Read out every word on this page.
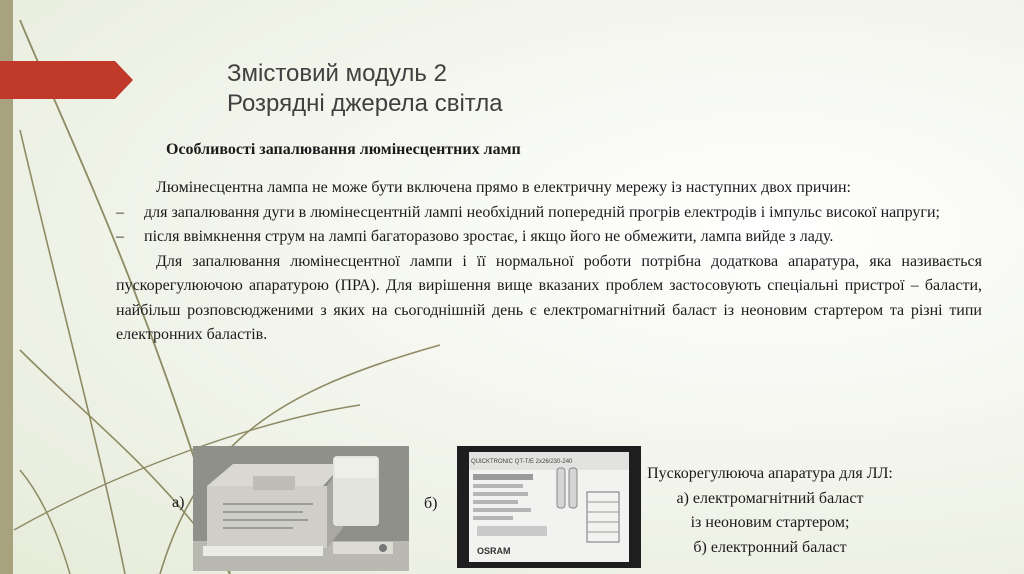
Змістовий модуль 2
Розрядні джерела світла
Особливості запалювання люмінесцентних ламп

Люмінесцентна лампа не може бути включена прямо в електричну мережу із наступних двох причин:

– для запалювання дуги в люмінесцентній лампі необхідний попередній прогрів електродів і імпульс високої напруги;

– після ввімкнення струм на лампі багаторазово зростає, і якщо його не обмежити, лампа вийде з ладу.

Для запалювання люмінесцентної лампи і її нормальної роботи потрібна додаткова апаратура, яка називається пускорегулюючою апаратурою (ПРА). Для вирішення вище вказаних проблем застосовують спеціальні пристрої – баласти, найбільш розповсюдженими з яких на сьогоднішній день є електромагнітний баласт із неоновим стартером та різні типи електронних баластів.

а)	б)
QUICKTRONIC QT-T/E 2x26/230-240
OSRAM
Пускорегулююча апаратура для ЛЛ:
а) електромагнітний баласт
із неоновим стартером;
б) електронний баласт
